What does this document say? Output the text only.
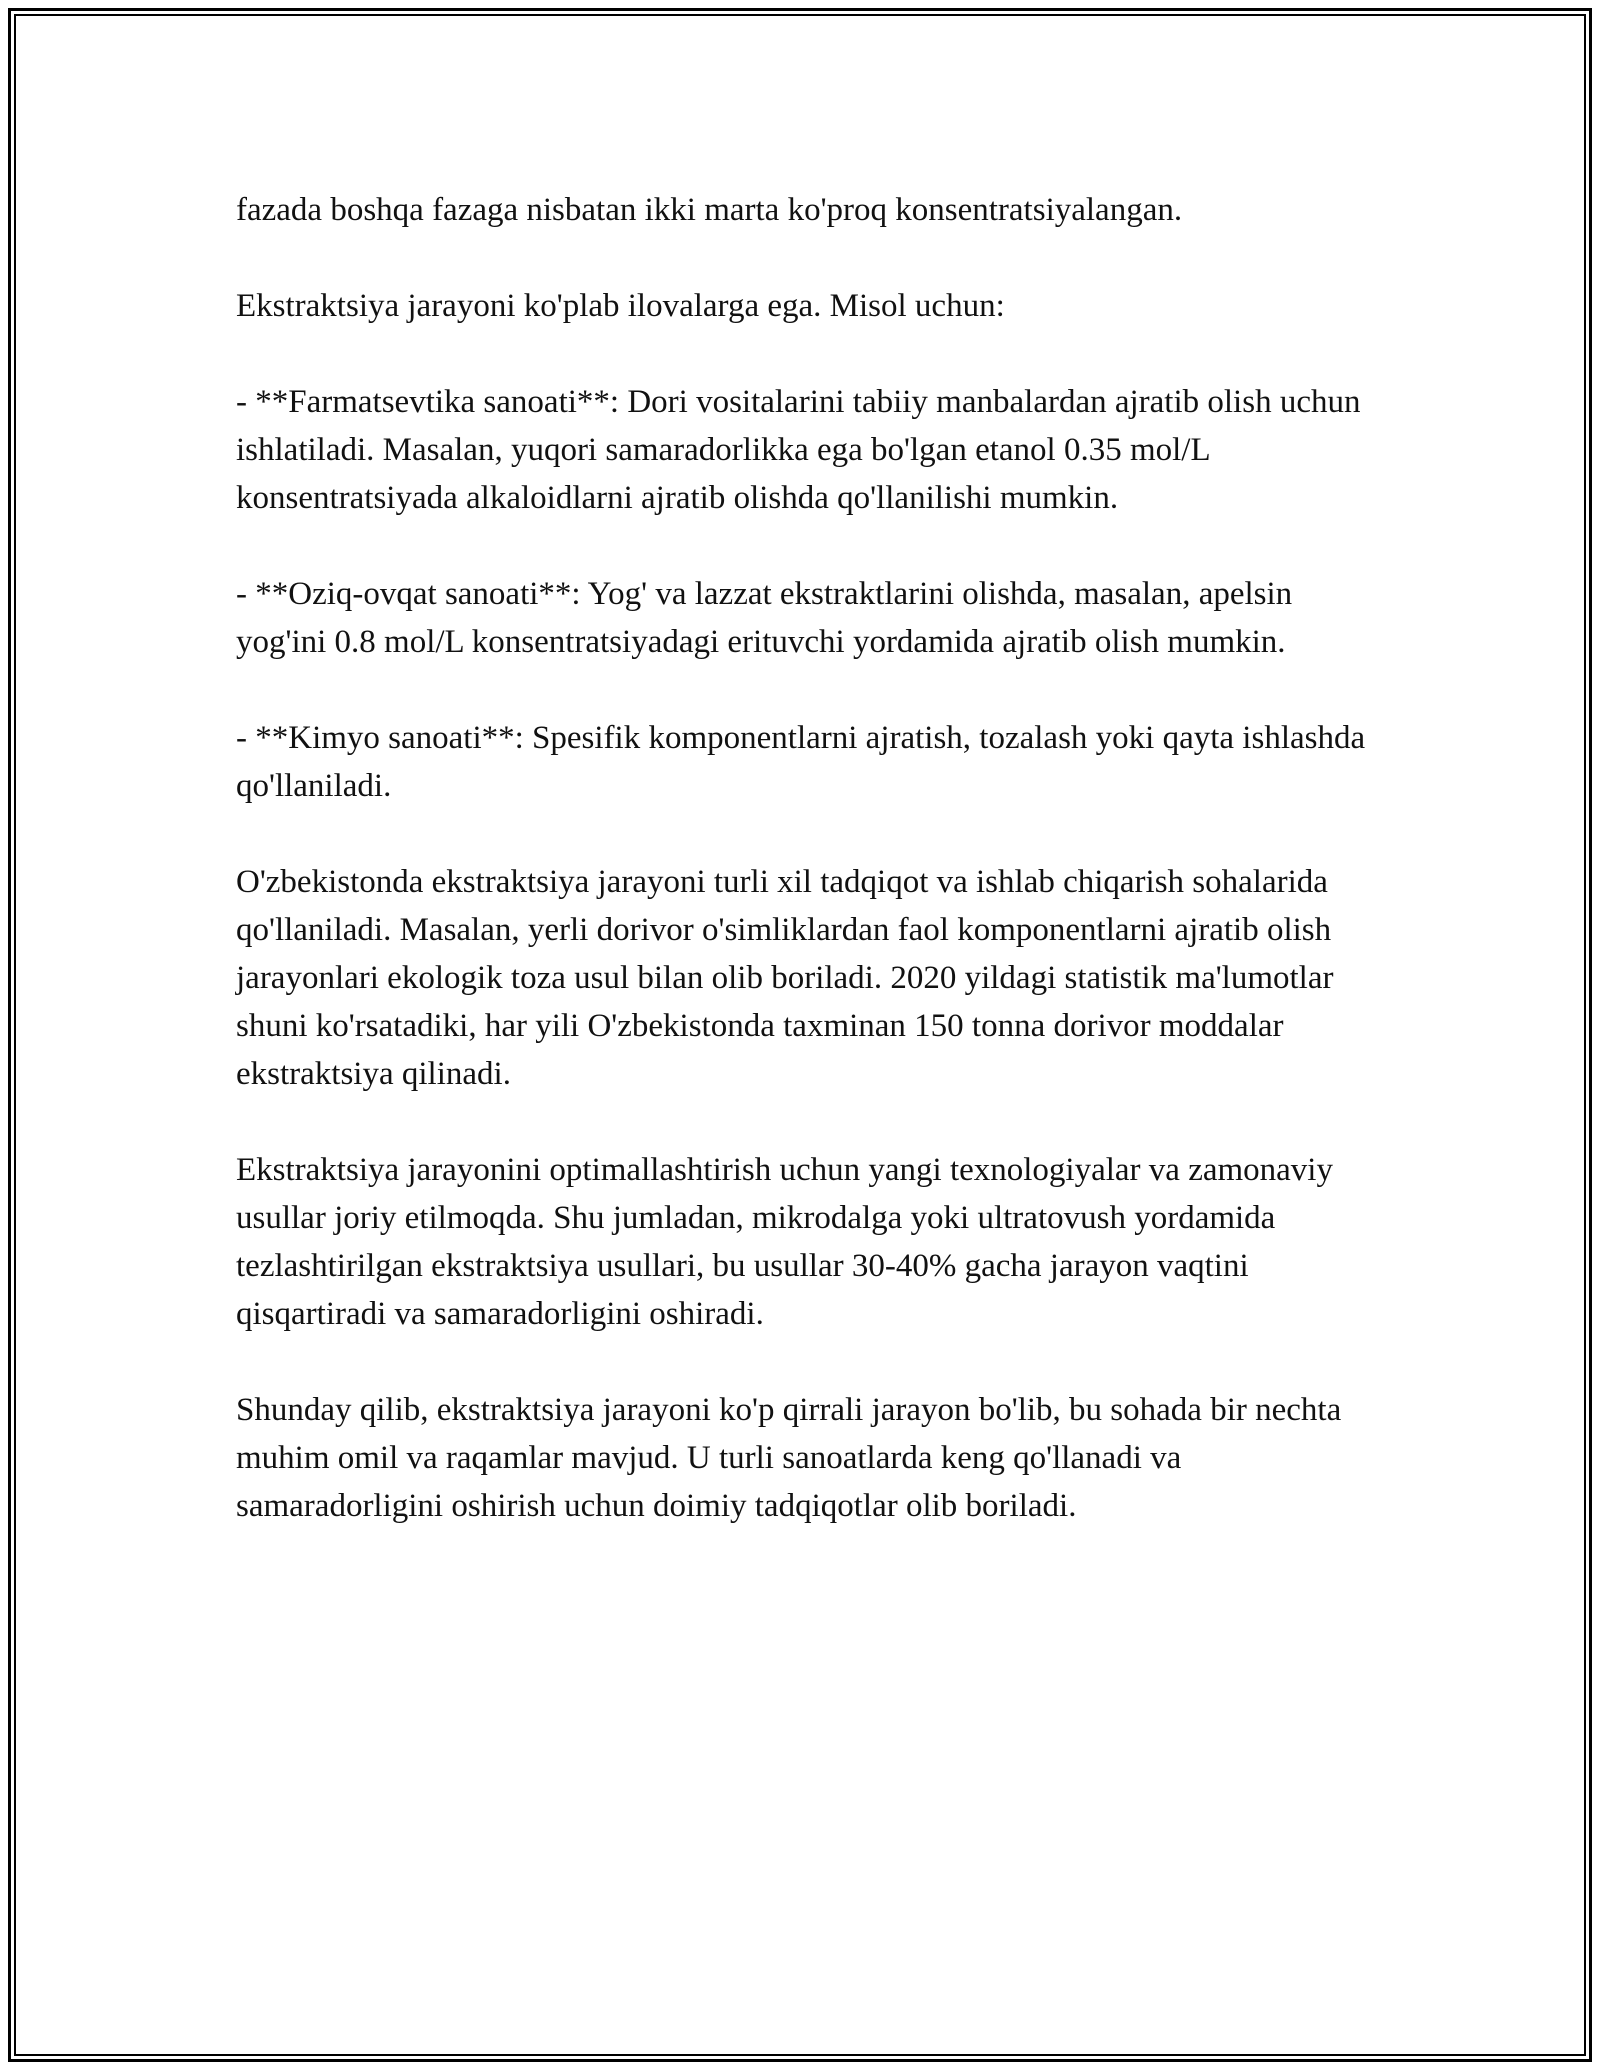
fazada boshqa fazaga nisbatan ikki marta ko'proq konsentratsiyalangan.

Ekstraktsiya jarayoni ko'plab ilovalarga ega. Misol uchun:

- **Farmatsevtika sanoati**: Dori vositalarini tabiiy manbalardan ajratib olish uchun ishlatiladi. Masalan, yuqori samaradorlikka ega bo'lgan etanol 0.35 mol/L konsentratsiyada alkaloidlarni ajratib olishda qo'llanilishi mumkin.

- **Oziq-ovqat sanoati**: Yog' va lazzat ekstraktlarini olishda, masalan, apelsin yog'ini 0.8 mol/L konsentratsiyadagi erituvchi yordamida ajratib olish mumkin.

- **Kimyo sanoati**: Spesifik komponentlarni ajratish, tozalash yoki qayta ishlashda qo'llaniladi.

O'zbekistonda ekstraktsiya jarayoni turli xil tadqiqot va ishlab chiqarish sohalarida qo'llaniladi. Masalan, yerli dorivor o'simliklardan faol komponentlarni ajratib olish jarayonlari ekologik toza usul bilan olib boriladi. 2020 yildagi statistik ma'lumotlar shuni ko'rsatadiki, har yili O'zbekistonda taxminan 150 tonna dorivor moddalar ekstraktsiya qilinadi.

Ekstraktsiya jarayonini optimallashtirish uchun yangi texnologiyalar va zamonaviy usullar joriy etilmoqda. Shu jumladan, mikrodalga yoki ultratovush yordamida tezlashtirilgan ekstraktsiya usullari, bu usullar 30-40% gacha jarayon vaqtini qisqartiradi va samaradorligini oshiradi.

Shunday qilib, ekstraktsiya jarayoni ko'p qirrali jarayon bo'lib, bu sohada bir nechta muhim omil va raqamlar mavjud. U turli sanoatlarda keng qo'llanadi va samaradorligini oshirish uchun doimiy tadqiqotlar olib boriladi.
